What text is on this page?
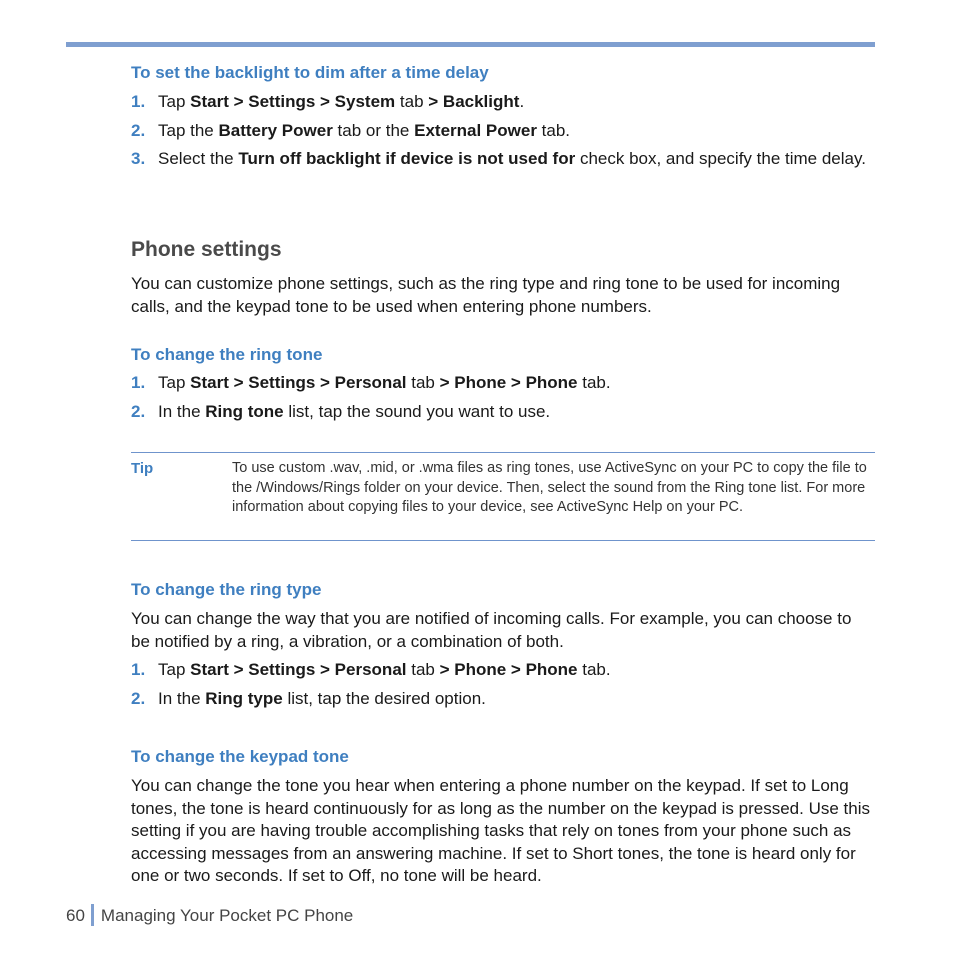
To set the backlight to dim after a time delay
1. Tap Start > Settings > System tab > Backlight.
2. Tap the Battery Power tab or the External Power tab.
3. Select the Turn off backlight if device is not used for check box, and specify the time delay.
Phone settings
You can customize phone settings, such as the ring type and ring tone to be used for incoming calls, and the keypad tone to be used when entering phone numbers.
To change the ring tone
1. Tap Start > Settings > Personal tab > Phone > Phone tab.
2. In the Ring tone list, tap the sound you want to use.
Tip	To use custom .wav, .mid, or .wma files as ring tones, use ActiveSync on your PC to copy the file to the /Windows/Rings folder on your device. Then, select the sound from the Ring tone list. For more information about copying files to your device, see ActiveSync Help on your PC.
To change the ring type
You can change the way that you are notified of incoming calls. For example, you can choose to be notified by a ring, a vibration, or a combination of both.
1. Tap Start > Settings > Personal tab > Phone > Phone tab.
2. In the Ring type list, tap the desired option.
To change the keypad tone
You can change the tone you hear when entering a phone number on the keypad. If set to Long tones, the tone is heard continuously for as long as the number on the keypad is pressed. Use this setting if you are having trouble accomplishing tasks that rely on tones from your phone such as accessing messages from an answering machine. If set to Short tones, the tone is heard only for one or two seconds. If set to Off, no tone will be heard.
60 Managing Your Pocket PC Phone
